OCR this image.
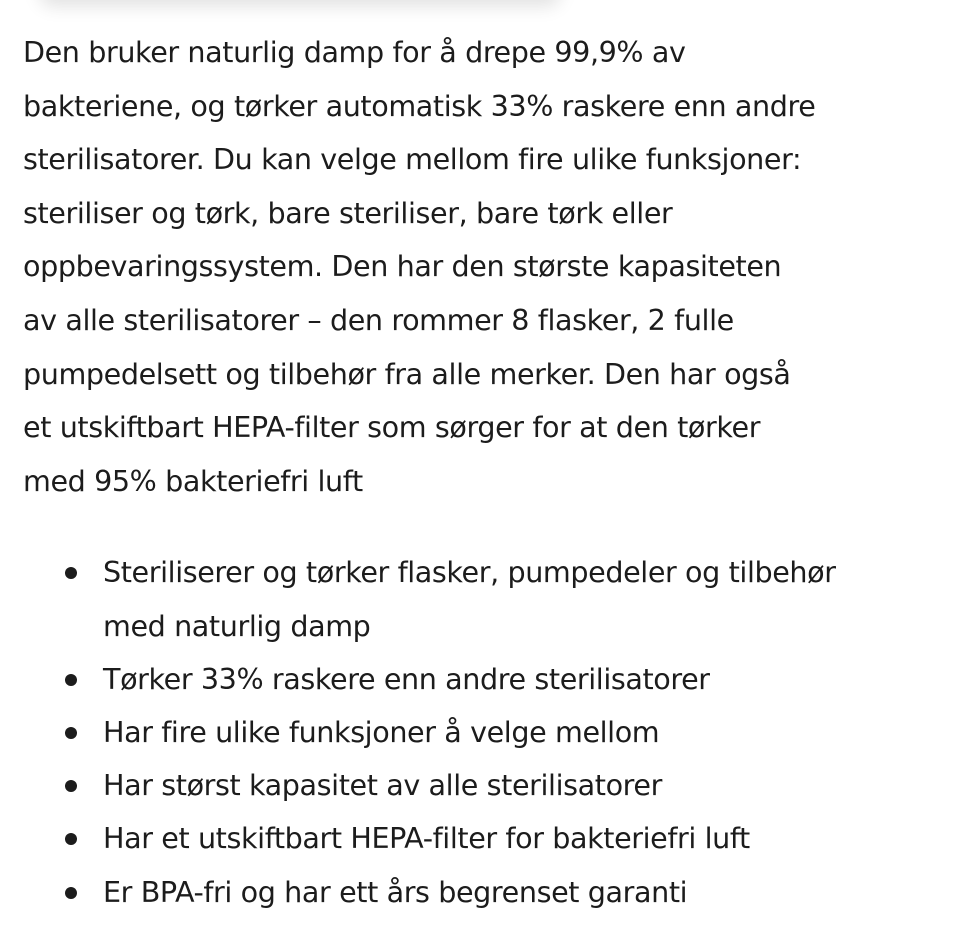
Den bruker naturlig damp for å drepe 99,9% av
bakteriene, og tørker automatisk 33% raskere enn andre
sterilisatorer. Du kan velge mellom fire ulike funksjoner:
steriliser og tørk, bare steriliser, bare tørk eller
oppbevaringssystem. Den har den største kapasiteten
av alle sterilisatorer – den rommer 8 flasker, 2 fulle
pumpedelsett og tilbehør fra alle merker. Den har også
et utskiftbart HEPA-filter som sørger for at den tørker
med 95% bakteriefri luft

Steriliserer og tørker flasker, pumpedeler og tilbehør
med naturlig damp
Tørker 33% raskere enn andre sterilisatorer
Har fire ulike funksjoner å velge mellom
Har størst kapasitet av alle sterilisatorer
Har et utskiftbart HEPA-filter for bakteriefri luft
Er BPA-fri og har ett års begrenset garanti
